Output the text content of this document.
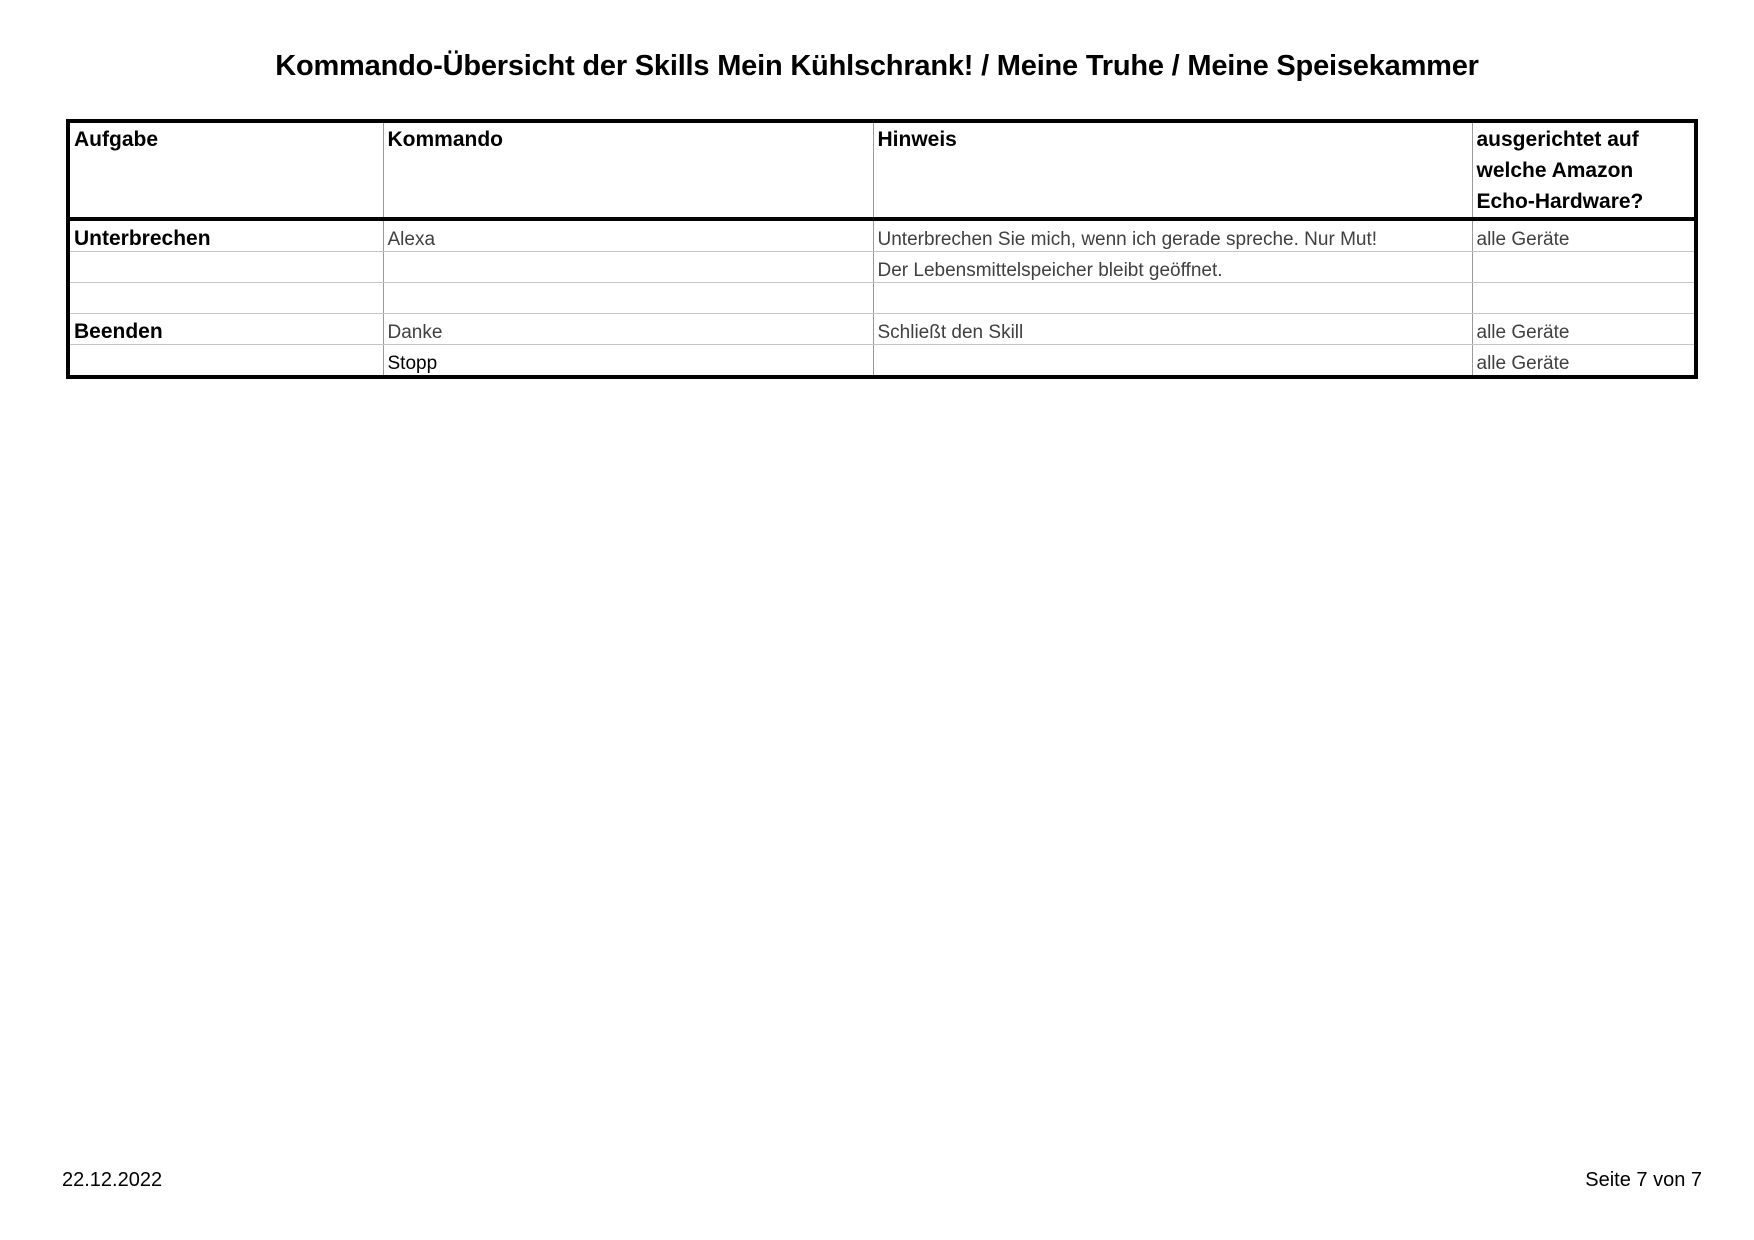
Kommando-Übersicht der Skills Mein Kühlschrank! / Meine Truhe / Meine Speisekammer
Aufgabe	Kommando	Hinweis	ausgerichtet auf welche Amazon Echo-Hardware?
Unterbrechen	Alexa	Unterbrechen Sie mich, wenn ich gerade spreche. Nur Mut!	alle Geräte
		Der Lebensmittelspeicher bleibt geöffnet.	

Beenden	Danke	Schließt den Skill	alle Geräte
	Stopp		alle Geräte
22.12.2022	Seite 7 von 7
